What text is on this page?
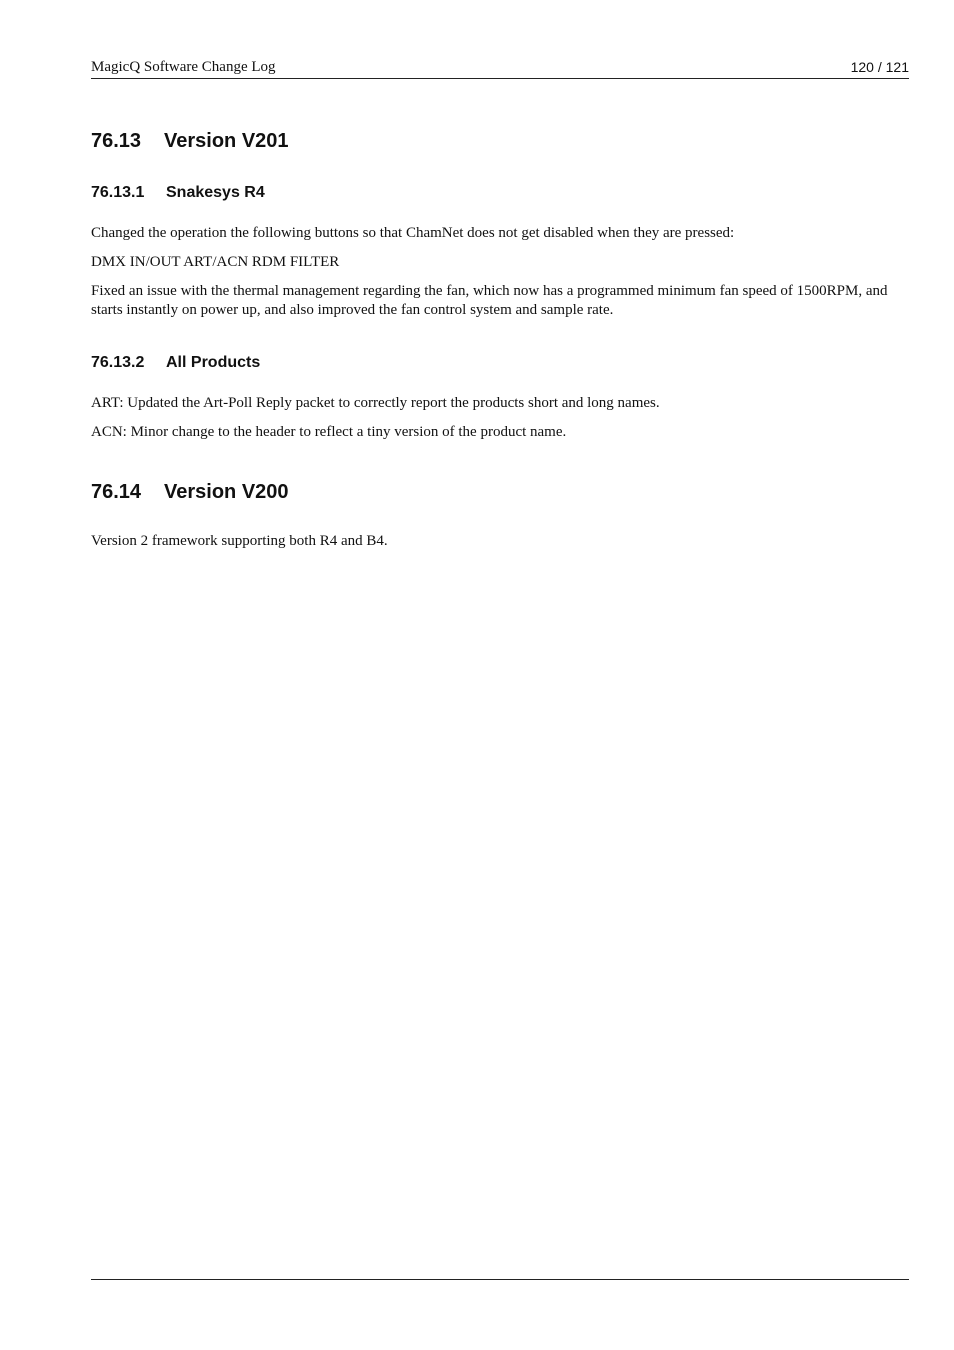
MagicQ Software Change Log	120 / 121
76.13 Version V201
76.13.1 Snakesys R4

Changed the operation the following buttons so that ChamNet does not get disabled when they are pressed:

DMX IN/OUT ART/ACN RDM FILTER

Fixed an issue with the thermal management regarding the fan, which now has a programmed minimum fan speed of 1500RPM, and starts instantly on power up, and also improved the fan control system and sample rate.

76.13.2 All Products

ART: Updated the Art-Poll Reply packet to correctly report the products short and long names.

ACN: Minor change to the header to reflect a tiny version of the product name.

76.14 Version V200

Version 2 framework supporting both R4 and B4.
